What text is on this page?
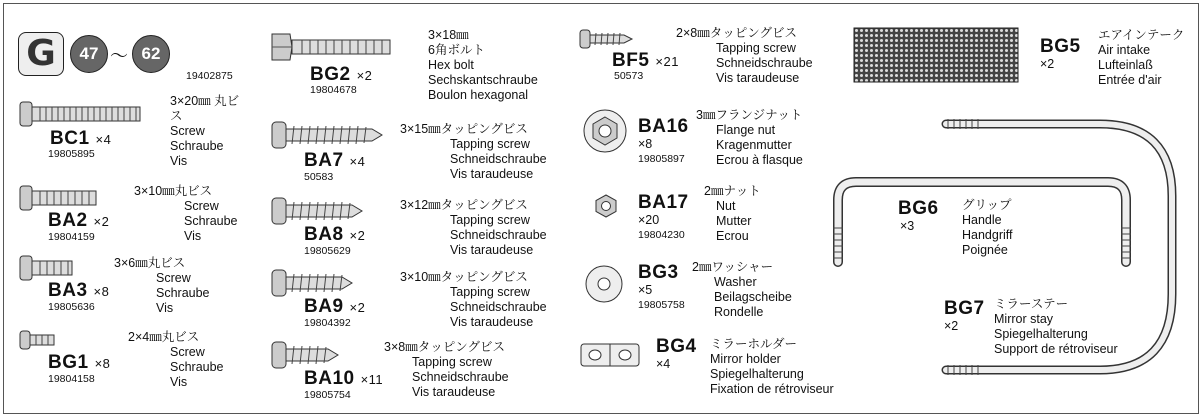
G	47 ～ 62
19402875
3×20㎜ 丸ビス
BC1 ×4
19805895
Screw
Schraube
Vis
3×10㎜丸ビス
BA2 ×2
19804159
Screw
Schraube
Vis
3×6㎜丸ビス
BA3 ×8
19805636
Screw
Schraube
Vis
2×4㎜丸ビス
BG1 ×8
19804158
Screw
Schraube
Vis
BG2 ×2
19804678
3×18㎜
6角ボルト
Hex bolt
Sechskantschraube
Boulon hexagonal
3×15㎜タッピングビス
BA7 ×4
50583
Tapping screw
Schneidschraube
Vis taraudeuse
3×12㎜タッピングビス
BA8 ×2
19805629
Tapping screw
Schneidschraube
Vis taraudeuse
3×10㎜タッピングビス
BA9 ×2
19804392
Tapping screw
Schneidschraube
Vis taraudeuse
3×8㎜タッピングビス
BA10 ×11
19805754
Tapping screw
Schneidschraube
Vis taraudeuse
2×8㎜タッピングビス
BF5 ×21
50573
Tapping screw
Schneidschraube
Vis taraudeuse
BA16
×8
19805897
3㎜フランジナット
Flange nut
Kragenmutter
Ecrou à flasque
BA17
×20
19804230
2㎜ナット
Nut
Mutter
Ecrou
BG3
×5
19805758
2㎜ワッシャー
Washer
Beilagscheibe
Rondelle
BG4
×4
ミラーホルダー
Mirror holder
Spiegelhalterung
Fixation de rétroviseur
BG5
×2
エアインテーク
Air intake
Lufteinlaß
Entrée d'air
BG6
×3
グリップ
Handle
Handgriff
Poignée
BG7
×2
ミラーステー
Mirror stay
Spiegelhalterung
Support de rétroviseur
